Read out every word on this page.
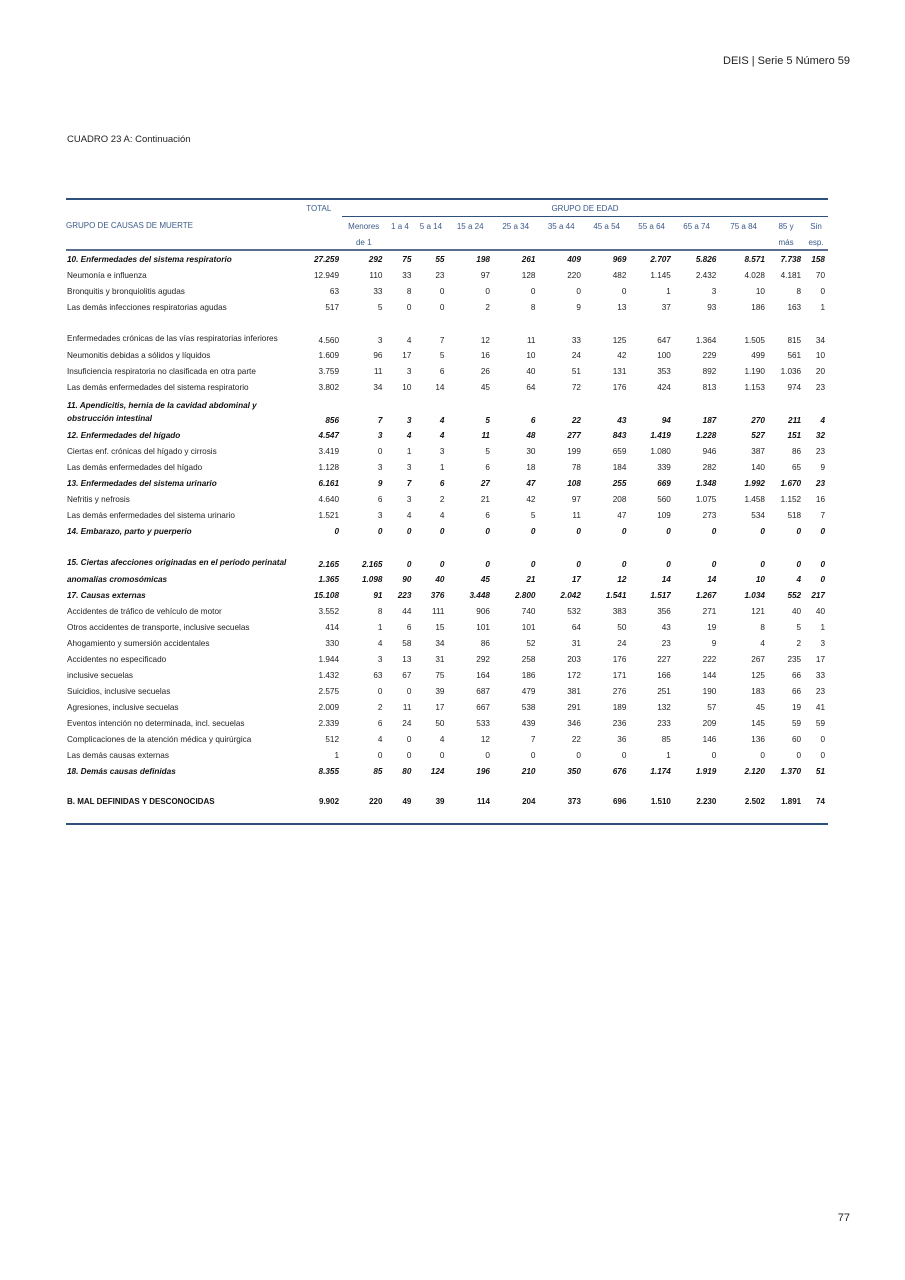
DEIS | Serie 5 Número 59
CUADRO 23 A: Continuación

	TOTAL	GRUPO DE EDAD											
GRUPO DE CAUSAS DE MUERTE		Menores	1 a 4	5 a 14	15 a 24	25 a 34	35 a 44	45 a 54	55 a 64	65 a 74	75 a 84	85 y	Sin
		de 1										más	esp.
10. Enfermedades del sistema respiratorio	27.259	292	75	55	198	261	409	969	2.707	5.826	8.571	7.738	158
Neumonía e influenza	12.949	110	33	23	97	128	220	482	1.145	2.432	4.028	4.181	70
Bronquitis y bronquiolitis agudas	63	33	8	0	0	0	0	0	1	3	10	8	0
Las demás infecciones respiratorias agudas	517	5	0	0	2	8	9	13	37	93	186	163	1
Enfermedades crónicas de las vías respiratorias inferiores	4.560	3	4	7	12	11	33	125	647	1.364	1.505	815	34
Neumonitis debidas a sólidos y líquidos	1.609	96	17	5	16	10	24	42	100	229	499	561	10
Insuficiencia respiratoria no clasificada en otra parte	3.759	11	3	6	26	40	51	131	353	892	1.190	1.036	20
Las demás enfermedades del sistema respiratorio	3.802	34	10	14	45	64	72	176	424	813	1.153	974	23
11. Apendicitis, hernia de la cavidad abdominal y obstrucción intestinal	856	7	3	4	5	6	22	43	94	187	270	211	4
12. Enfermedades del hígado	4.547	3	4	4	11	48	277	843	1.419	1.228	527	151	32
Ciertas enf. crónicas del hígado y cirrosis	3.419	0	1	3	5	30	199	659	1.080	946	387	86	23
Las demás enfermedades del hígado	1.128	3	3	1	6	18	78	184	339	282	140	65	9
13. Enfermedades del sistema urinario	6.161	9	7	6	27	47	108	255	669	1.348	1.992	1.670	23
Nefritis y nefrosis	4.640	6	3	2	21	42	97	208	560	1.075	1.458	1.152	16
Las demás enfermedades del sistema urinario	1.521	3	4	4	6	5	11	47	109	273	534	518	7
14. Embarazo, parto y puerperio	0	0	0	0	0	0	0	0	0	0	0	0	0
15. Ciertas afecciones originadas en el período perinatal	2.165	2.165	0	0	0	0	0	0	0	0	0	0	0
anomalías cromosómicas	1.365	1.098	90	40	45	21	17	12	14	14	10	4	0
17. Causas externas	15.108	91	223	376	3.448	2.800	2.042	1.541	1.517	1.267	1.034	552	217
Accidentes de tráfico de vehículo de motor	3.552	8	44	111	906	740	532	383	356	271	121	40	40
Otros accidentes de transporte, inclusive secuelas	414	1	6	15	101	101	64	50	43	19	8	5	1
Ahogamiento y sumersión accidentales	330	4	58	34	86	52	31	24	23	9	4	2	3
Accidentes no especificado	1.944	3	13	31	292	258	203	176	227	222	267	235	17
inclusive secuelas	1.432	63	67	75	164	186	172	171	166	144	125	66	33
Suicidios, inclusive secuelas	2.575	0	0	39	687	479	381	276	251	190	183	66	23
Agresiones, inclusive secuelas	2.009	2	11	17	667	538	291	189	132	57	45	19	41
Eventos intención no determinada, incl. secuelas	2.339	6	24	50	533	439	346	236	233	209	145	59	59
Complicaciones de la atención médica y quirúrgica	512	4	0	4	12	7	22	36	85	146	136	60	0
Las demás causas externas	1	0	0	0	0	0	0	0	1	0	0	0	0
18. Demás causas definidas	8.355	85	80	124	196	210	350	676	1.174	1.919	2.120	1.370	51

B. MAL DEFINIDAS Y DESCONOCIDAS	9.902	220	49	39	114	204	373	696	1.510	2.230	2.502	1.891	74

77
